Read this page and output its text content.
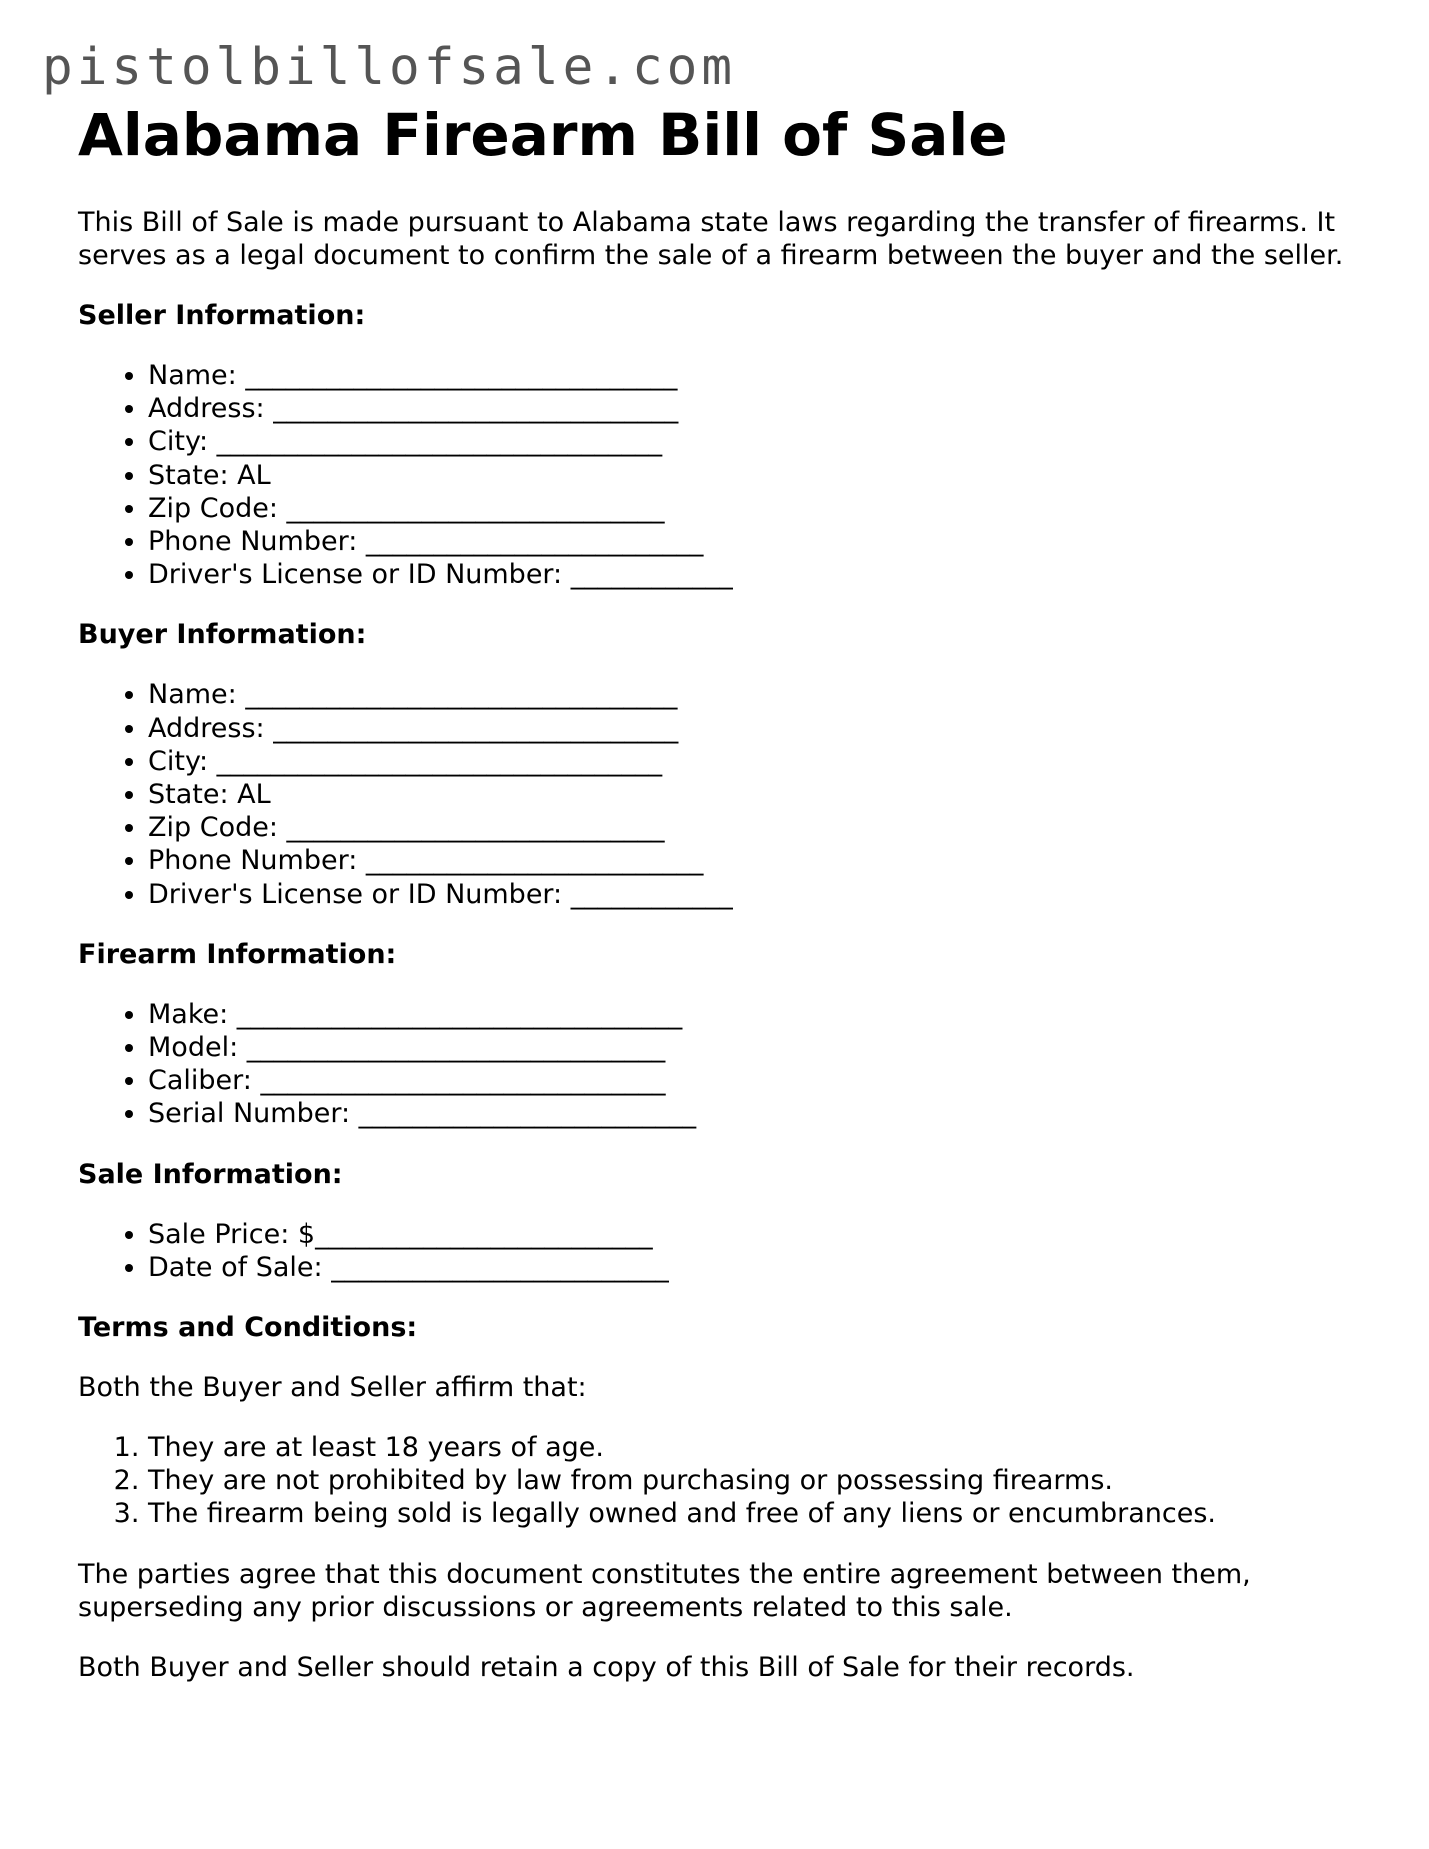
pistolbillofsale.com
Alabama Firearm Bill of Sale

This Bill of Sale is made pursuant to Alabama state laws regarding the transfer of firearms. It serves as a legal document to confirm the sale of a firearm between the buyer and the seller.

Seller Information:
• Name: ________________________________
• Address: ______________________________
• City: _________________________________
• State: AL
• Zip Code: ____________________________
• Phone Number: _________________________
• Driver's License or ID Number: ____________
Buyer Information:
• Name: ________________________________
• Address: ______________________________
• City: _________________________________
• State: AL
• Zip Code: ____________________________
• Phone Number: _________________________
• Driver's License or ID Number: ____________
Firearm Information:
• Make: _________________________________
• Model: _______________________________
• Caliber: ______________________________
• Serial Number: _________________________
Sale Information:
• Sale Price: $_________________________
• Date of Sale: _________________________
Terms and Conditions:

Both the Buyer and Seller affirm that:

1. They are at least 18 years of age.
2. They are not prohibited by law from purchasing or possessing firearms.
3. The firearm being sold is legally owned and free of any liens or encumbrances.

The parties agree that this document constitutes the entire agreement between them, superseding any prior discussions or agreements related to this sale.

Both Buyer and Seller should retain a copy of this Bill of Sale for their records.
